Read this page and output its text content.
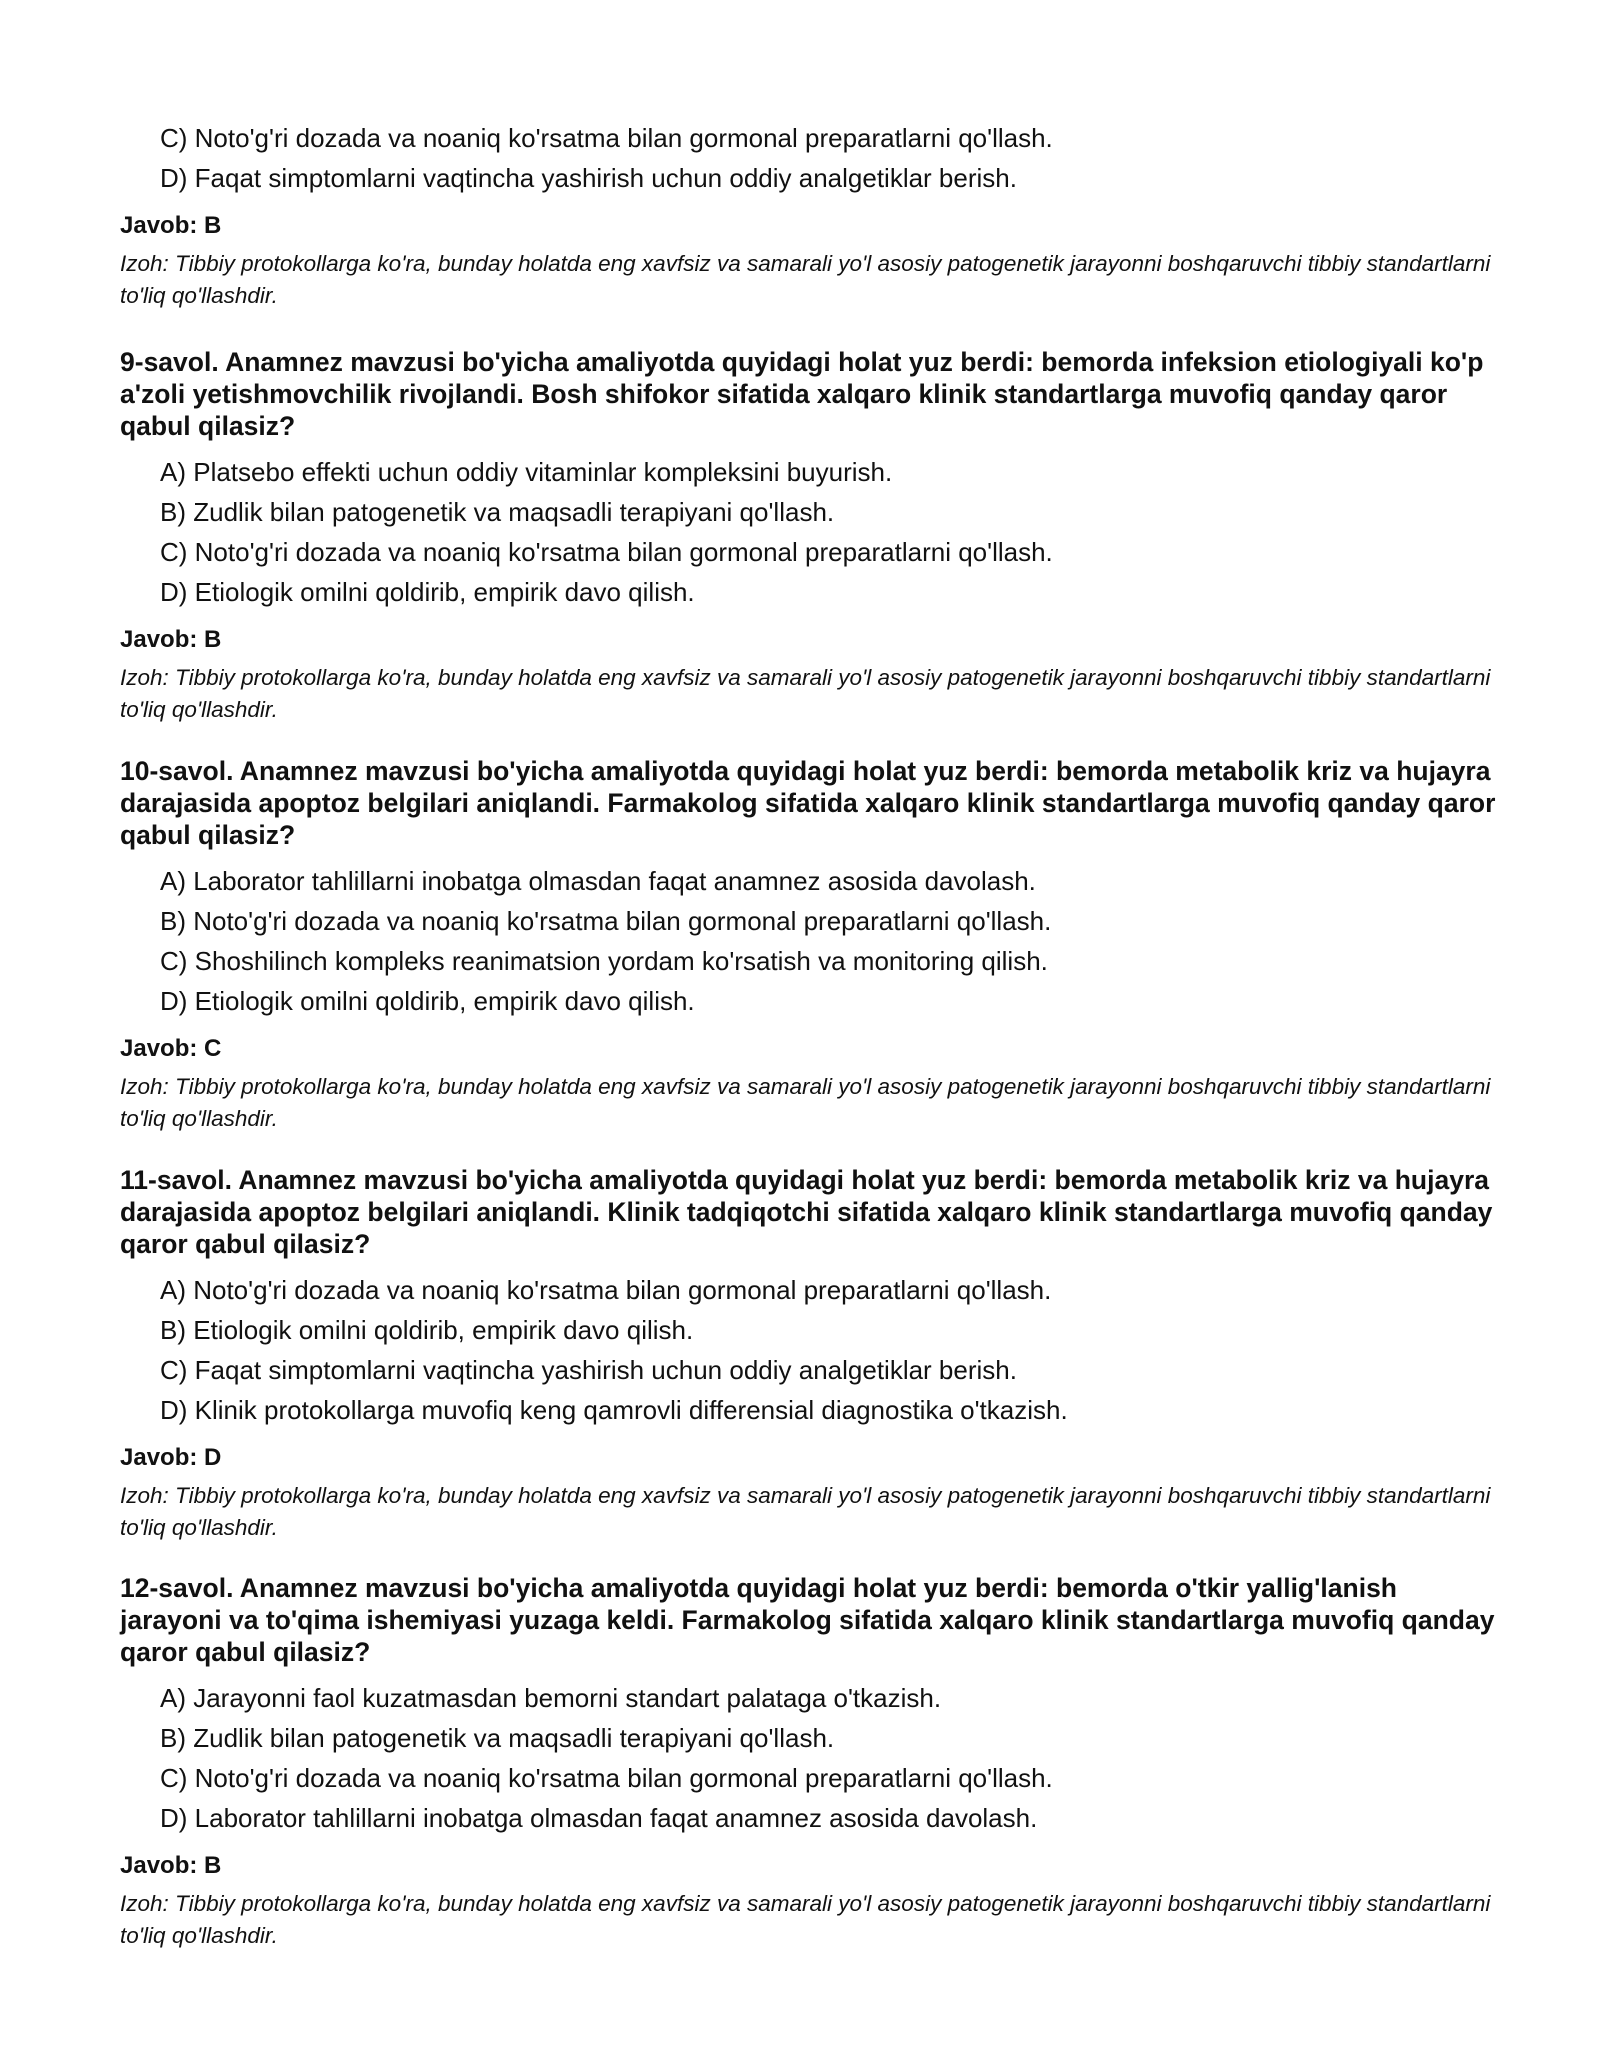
C) Noto'g'ri dozada va noaniq ko'rsatma bilan gormonal preparatlarni qo'llash.
D) Faqat simptomlarni vaqtincha yashirish uchun oddiy analgetiklar berish.
Javob: B
Izoh: Tibbiy protokollarga ko'ra, bunday holatda eng xavfsiz va samarali yo'l asosiy patogenetik jarayonni boshqaruvchi tibbiy standartlarni to'liq qo'llashdir.
9-savol. Anamnez mavzusi bo'yicha amaliyotda quyidagi holat yuz berdi: bemorda infeksion etiologiyali ko'p a'zoli yetishmovchilik rivojlandi. Bosh shifokor sifatida xalqaro klinik standartlarga muvofiq qanday qaror qabul qilasiz?
A) Platsebo effekti uchun oddiy vitaminlar kompleksini buyurish.
B) Zudlik bilan patogenetik va maqsadli terapiyani qo'llash.
C) Noto'g'ri dozada va noaniq ko'rsatma bilan gormonal preparatlarni qo'llash.
D) Etiologik omilni qoldirib, empirik davo qilish.
Javob: B
Izoh: Tibbiy protokollarga ko'ra, bunday holatda eng xavfsiz va samarali yo'l asosiy patogenetik jarayonni boshqaruvchi tibbiy standartlarni to'liq qo'llashdir.
10-savol. Anamnez mavzusi bo'yicha amaliyotda quyidagi holat yuz berdi: bemorda metabolik kriz va hujayra darajasida apoptoz belgilari aniqlandi. Farmakolog sifatida xalqaro klinik standartlarga muvofiq qanday qaror qabul qilasiz?
A) Laborator tahlillarni inobatga olmasdan faqat anamnez asosida davolash.
B) Noto'g'ri dozada va noaniq ko'rsatma bilan gormonal preparatlarni qo'llash.
C) Shoshilinch kompleks reanimatsion yordam ko'rsatish va monitoring qilish.
D) Etiologik omilni qoldirib, empirik davo qilish.
Javob: C
Izoh: Tibbiy protokollarga ko'ra, bunday holatda eng xavfsiz va samarali yo'l asosiy patogenetik jarayonni boshqaruvchi tibbiy standartlarni to'liq qo'llashdir.
11-savol. Anamnez mavzusi bo'yicha amaliyotda quyidagi holat yuz berdi: bemorda metabolik kriz va hujayra darajasida apoptoz belgilari aniqlandi. Klinik tadqiqotchi sifatida xalqaro klinik standartlarga muvofiq qanday qaror qabul qilasiz?
A) Noto'g'ri dozada va noaniq ko'rsatma bilan gormonal preparatlarni qo'llash.
B) Etiologik omilni qoldirib, empirik davo qilish.
C) Faqat simptomlarni vaqtincha yashirish uchun oddiy analgetiklar berish.
D) Klinik protokollarga muvofiq keng qamrovli differensial diagnostika o'tkazish.
Javob: D
Izoh: Tibbiy protokollarga ko'ra, bunday holatda eng xavfsiz va samarali yo'l asosiy patogenetik jarayonni boshqaruvchi tibbiy standartlarni to'liq qo'llashdir.
12-savol. Anamnez mavzusi bo'yicha amaliyotda quyidagi holat yuz berdi: bemorda o'tkir yallig'lanish jarayoni va to'qima ishemiyasi yuzaga keldi. Farmakolog sifatida xalqaro klinik standartlarga muvofiq qanday qaror qabul qilasiz?
A) Jarayonni faol kuzatmasdan bemorni standart palataga o'tkazish.
B) Zudlik bilan patogenetik va maqsadli terapiyani qo'llash.
C) Noto'g'ri dozada va noaniq ko'rsatma bilan gormonal preparatlarni qo'llash.
D) Laborator tahlillarni inobatga olmasdan faqat anamnez asosida davolash.
Javob: B
Izoh: Tibbiy protokollarga ko'ra, bunday holatda eng xavfsiz va samarali yo'l asosiy patogenetik jarayonni boshqaruvchi tibbiy standartlarni to'liq qo'llashdir.
